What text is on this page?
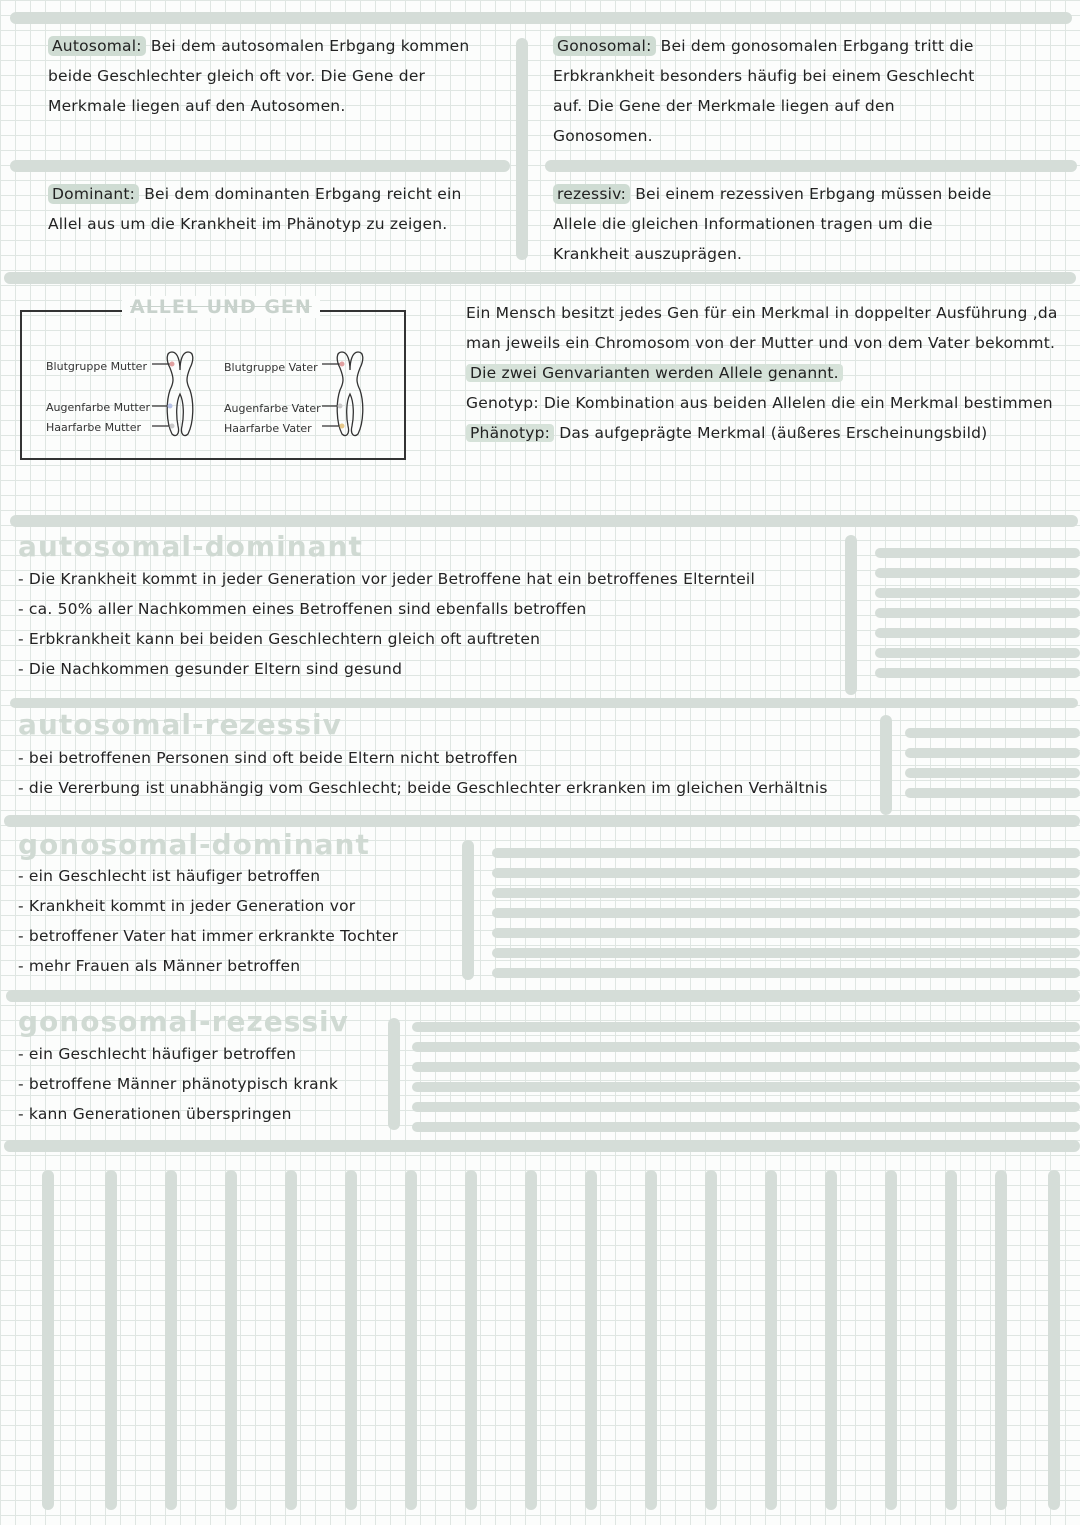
Autosomal: Bei dem autosomalen Erbgang kommen beide Geschlechter gleich oft vor. Die Gene der Merkmale liegen auf den Autosomen.
Gonosomal: Bei dem gonosomalen Erbgang tritt die Erbkrankheit besonders häufig bei einem Geschlecht auf. Die Gene der Merkmale liegen auf den Gonosomen.
Dominant: Bei dem dominanten Erbgang reicht ein Allel aus um die Krankheit im Phänotyp zu zeigen.
rezessiv: Bei einem rezessiven Erbgang müssen beide Allele die gleichen Informationen tragen um die Krankheit auszuprägen.
ALLEL UND GEN
Blutgruppe Mutter
Augenfarbe Mutter
Haarfarbe Mutter
Blutgruppe Vater
Augenfarbe Vater
Haarfarbe Vater

Ein Mensch besitzt jedes Gen für ein Merkmal in doppelter Ausführung ,da man jeweils ein Chromosom von der Mutter und von dem Vater bekommt.

Die zwei Genvarianten werden Allele genannt.

Genotyp: Die Kombination aus beiden Allelen die ein Merkmal bestimmen

Phänotyp: Das aufgeprägte Merkmal (äußeres Erscheinungsbild)

autosomal-dominant
- Die Krankheit kommt in jeder Generation vor jeder Betroffene hat ein betroffenes Elternteil
- ca. 50% aller Nachkommen eines Betroffenen sind ebenfalls betroffen
- Erbkrankheit kann bei beiden Geschlechtern gleich oft auftreten
- Die Nachkommen gesunder Eltern sind gesund
autosomal-rezessiv
- bei betroffenen Personen sind oft beide Eltern nicht betroffen
- die Vererbung ist unabhängig vom Geschlecht; beide Geschlechter erkranken im gleichen Verhältnis
gonosomal-dominant
- ein Geschlecht ist häufiger betroffen
- Krankheit kommt in jeder Generation vor
- betroffener Vater hat immer erkrankte Tochter
- mehr Frauen als Männer betroffen
gonosomal-rezessiv
- ein Geschlecht häufiger betroffen
- betroffene Männer phänotypisch krank
- kann Generationen überspringen
